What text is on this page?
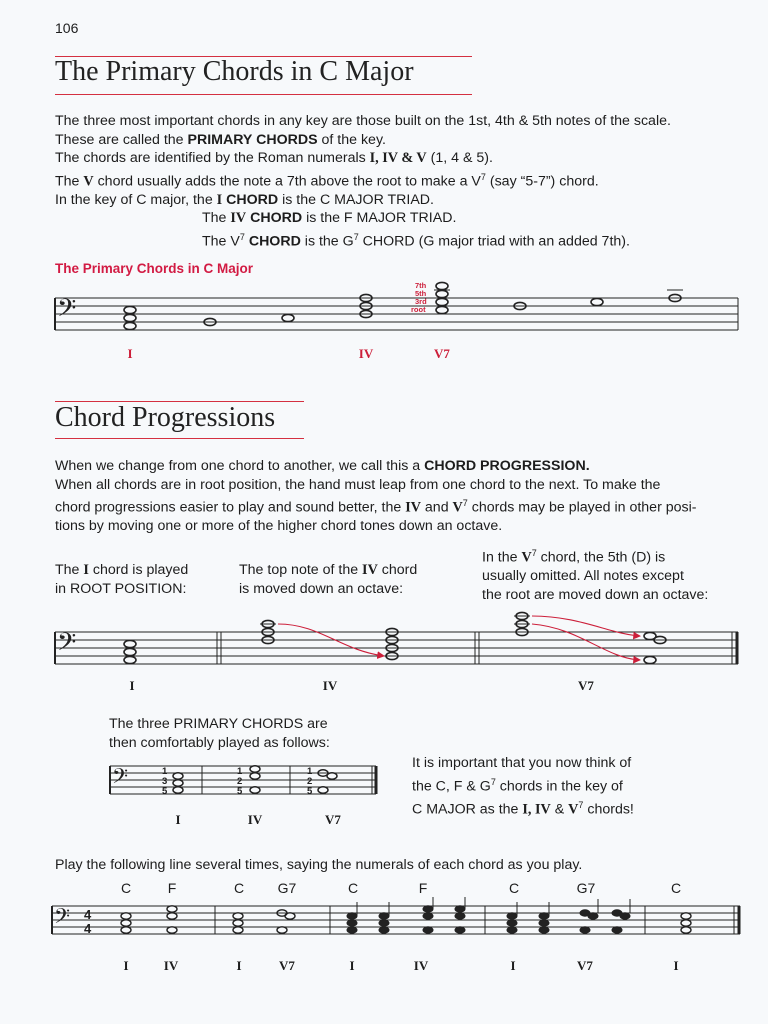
106
The Primary Chords in C Major
The three most important chords in any key are those built on the 1st, 4th & 5th notes of the scale.
These are called the PRIMARY CHORDS of the key.
The chords are identified by the Roman numerals I, IV & V (1, 4 & 5).
The V chord usually adds the note a 7th above the root to make a $V^7$ (say “5-7”) chord.
In the key of C major, the I CHORD is the C MAJOR TRIAD.
The IV CHORD is the F MAJOR TRIAD.
The $V^7$ CHORD is the $G^7$ CHORD (G major triad with an added 7th).
The Primary Chords in C Major
𝄢
7th
5th
3rd
root
I	IV	V7
Chord Progressions
When we change from one chord to another, we call this a CHORD PROGRESSION.
When all chords are in root position, the hand must leap from one chord to the next. To make the
chord progressions easier to play and sound better, the IV and $V^7$ chords may be played in other posi-
tions by moving one or more of the higher chord tones down an octave.
The I chord is played
in ROOT POSITION:
The top note of the IV chord
is moved down an octave:
In the $V^7$ chord, the 5th (D) is
usually omitted. All notes except
the root are moved down an octave:
𝄢
I	IV	V7
The three PRIMARY CHORDS are
then comfortably played as follows:
𝄢	1
3
5
1
2
5
1
2
5
I	IV	V7
It is important that you now think of
the C, F & $G^7$ chords in the key of
C MAJOR as the I, IV & $V^7$ chords!
Play the following line several times, saying the numerals of each chord as you play.
C	F	C	G7	C	F	C	G7	C
𝄢 4
4
I	IV	I	V7	I	IV	I	V7	I
